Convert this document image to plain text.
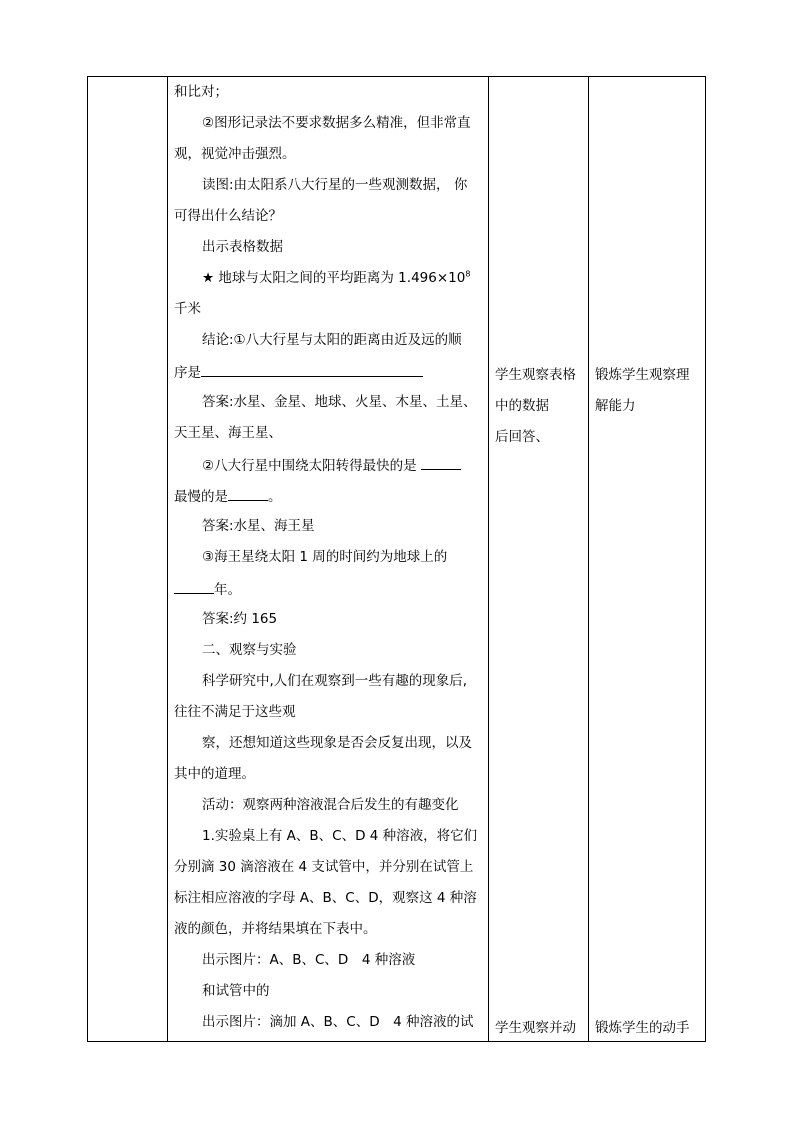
和比对；
②图形记录法不要求数据多么精准，但非常直
观，视觉冲击强烈。
读图:由太阳系八大行星的一些观测数据， 你
可得出什么结论？
出示表格数据
★ 地球与太阳之间的平均距离为 $1.496\times 10^8$
千米
结论:①八大行星与太阳的距离由近及远的顺
序是
答案:水星、金星、地球、火星、木星、土星、
天王星、海王星、
②八大行星中围绕太阳转得最快的是
最慢的是	。
答案:水星、海王星
③海王星绕太阳 1 周的时间约为地球上的
年。
答案:约 165
二、观察与实验
科学研究中,人们在观察到一些有趣的现象后,
往往不满足于这些观
察，还想知道这些现象是否会反复出现，以及
其中的道理。
活动：观察两种溶液混合后发生的有趣变化
1.实验桌上有 A、B、C、D 4 种溶液，将它们
分别滴 30 滴溶液在 4 支试管中，并分别在试管上
标注相应溶液的字母 A、B、C、D，观察这 4 种溶
液的颜色，并将结果填在下表中。
出示图片：A、B、C、D　4 种溶液
和试管中的
出示图片：滴加 A、B、C、D　4 种溶液的试
学生观察表格
中的数据
后回答、
学生观察并动
锻炼学生观察理
解能力
锻炼学生的动手
